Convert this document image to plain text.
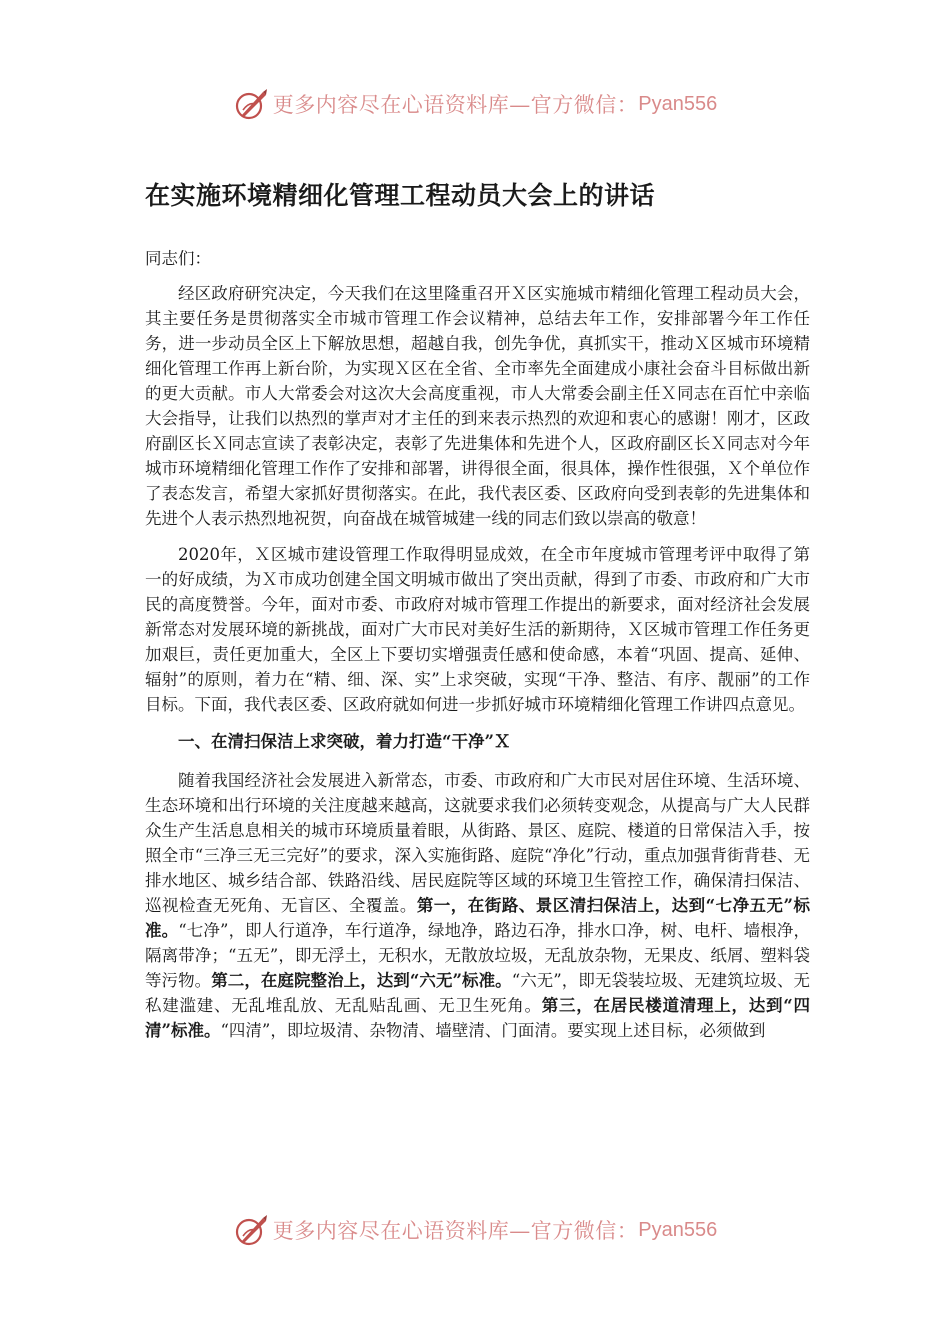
更多内容尽在心语资料库—官方微信： Pyan556
在实施环境精细化管理工程动员大会上的讲话

同志们：

经区政府研究决定，今天我们在这里隆重召开Ｘ区实施城市精细化管理工程动员大会，其主要任务是贯彻落实全市城市管理工作会议精神，总结去年工作，安排部署今年工作任务，进一步动员全区上下解放思想，超越自我，创先争优，真抓实干，推动Ｘ区城市环境精细化管理工作再上新台阶，为实现Ｘ区在全省、全市率先全面建成小康社会奋斗目标做出新的更大贡献。市人大常委会对这次大会高度重视，市人大常委会副主任Ｘ同志在百忙中亲临大会指导，让我们以热烈的掌声对才主任的到来表示热烈的欢迎和衷心的感谢！刚才，区政府副区长Ｘ同志宣读了表彰决定，表彰了先进集体和先进个人，区政府副区长Ｘ同志对今年城市环境精细化管理工作作了安排和部署，讲得很全面，很具体，操作性很强，Ｘ个单位作了表态发言，希望大家抓好贯彻落实。在此，我代表区委、区政府向受到表彰的先进集体和先进个人表示热烈地祝贺，向奋战在城管城建一线的同志们致以崇高的敬意！

2020年，Ｘ区城市建设管理工作取得明显成效，在全市年度城市管理考评中取得了第一的好成绩，为Ｘ市成功创建全国文明城市做出了突出贡献，得到了市委、市政府和广大市民的高度赞誉。今年，面对市委、市政府对城市管理工作提出的新要求，面对经济社会发展新常态对发展环境的新挑战，面对广大市民对美好生活的新期待，Ｘ区城市管理工作任务更加艰巨，责任更加重大，全区上下要切实增强责任感和使命感，本着“巩固、提高、延伸、辐射”的原则，着力在“精、细、深、实”上求突破，实现“干净、整洁、有序、靓丽”的工作目标。下面，我代表区委、区政府就如何进一步抓好城市环境精细化管理工作讲四点意见。

一、在清扫保洁上求突破，着力打造“干净”Ｘ

随着我国经济社会发展进入新常态，市委、市政府和广大市民对居住环境、生活环境、生态环境和出行环境的关注度越来越高，这就要求我们必须转变观念，从提高与广大人民群众生产生活息息相关的城市环境质量着眼，从街路、景区、庭院、楼道的日常保洁入手，按照全市“三净三无三完好”的要求，深入实施街路、庭院“净化”行动，重点加强背街背巷、无排水地区、城乡结合部、铁路沿线、居民庭院等区域的环境卫生管控工作，确保清扫保洁、巡视检查无死角、无盲区、全覆盖。第一，在街路、景区清扫保洁上，达到“七净五无”标准。“七净”，即人行道净，车行道净，绿地净，路边石净，排水口净，树、电杆、墙根净，隔离带净；“五无”，即无浮土，无积水，无散放垃圾，无乱放杂物，无果皮、纸屑、塑料袋等污物。第二，在庭院整治上，达到“六无”标准。“六无”，即无袋装垃圾、无建筑垃圾、无私建滥建、无乱堆乱放、无乱贴乱画、无卫生死角。第三，在居民楼道清理上，达到“四清”标准。“四清”，即垃圾清、杂物清、墙壁清、门面清。要实现上述目标，必须做到

更多内容尽在心语资料库—官方微信： Pyan556
